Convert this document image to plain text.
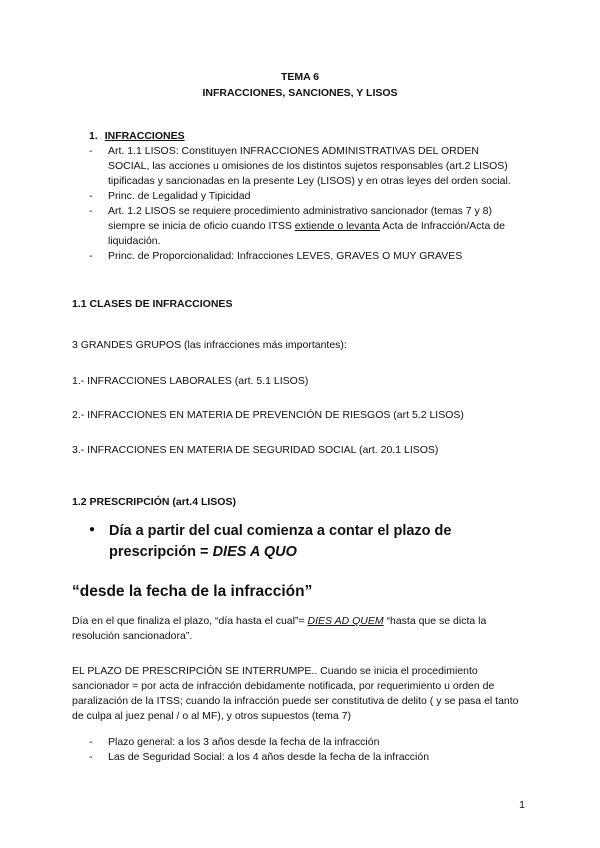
TEMA 6
INFRACCIONES, SANCIONES, Y LISOS
1. INFRACCIONES
- Art. 1.1 LISOS: Constituyen INFRACCIONES ADMINISTRATIVAS DEL ORDEN SOCIAL, las acciones u omisiones de los distintos sujetos responsables (art.2 LISOS) tipificadas y sancionadas en la presente Ley (LISOS) y en otras leyes del orden social.
- Princ. de Legalidad y Tipicidad
- Art. 1.2 LISOS se requiere procedimiento administrativo sancionador (temas 7 y 8) siempre se inicia de oficio cuando ITSS extiende o levanta Acta de Infracción/Acta de liquidación.
- Princ. de Proporcionalidad: Infracciones LEVES, GRAVES O MUY GRAVES
1.1 CLASES DE INFRACCIONES
3 GRANDES GRUPOS (las infracciones más importantes):
1.- INFRACCIONES LABORALES (art. 5.1 LISOS)
2.- INFRACCIONES EN MATERIA DE PREVENCIÓN DE RIESGOS (art 5.2 LISOS)
3.- INFRACCIONES EN MATERIA DE SEGURIDAD SOCIAL (art. 20.1 LISOS)
1.2 PRESCRIPCIÓN (art.4 LISOS)
● Día a partir del cual comienza a contar el plazo de
prescripción = DIES A QUO
“desde la fecha de la infracción”
Día en el que finaliza el plazo, “día hasta el cual”= DIES AD QUEM “hasta que se dicta la resolución sancionadora”.
EL PLAZO DE PRESCRIPCIÓN SE INTERRUMPE.. Cuando se inicia el procedimiento sancionador = por acta de infracción debidamente notificada, por requerimiento u orden de paralización de la ITSS; cuando la infracción puede ser constitutiva de delito ( y se pasa el tanto de culpa al juez penal / o al MF), y otros supuestos (tema 7)
- Plazo general: a los 3 años desde la fecha de la infracción
- Las de Seguridad Social: a los 4 años desde la fecha de la infracción
1
